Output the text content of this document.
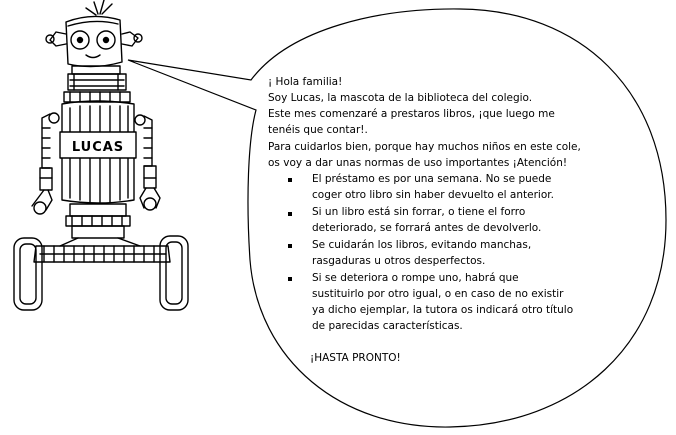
LUCAS
¡ Hola familia!
Soy Lucas, la mascota de la biblioteca del colegio.
Este mes comenzaré a prestaros libros, ¡que luego me
tenéis que contar!.
Para cuidarlos bien, porque hay muchos niños en este cole,
os voy a dar unas normas de uso importantes ¡Atención!
El préstamo es por una semana. No se puede
coger otro libro sin haber devuelto el anterior.
Si un libro está sin forrar, o tiene el forro
deteriorado, se forrará antes de devolverlo.
Se cuidarán los libros, evitando manchas,
rasgaduras u otros desperfectos.
Si se deteriora o rompe uno, habrá que
sustituirlo por otro igual, o en caso de no existir
ya dicho ejemplar, la tutora os indicará otro título
de parecidas características.
¡HASTA PRONTO!
